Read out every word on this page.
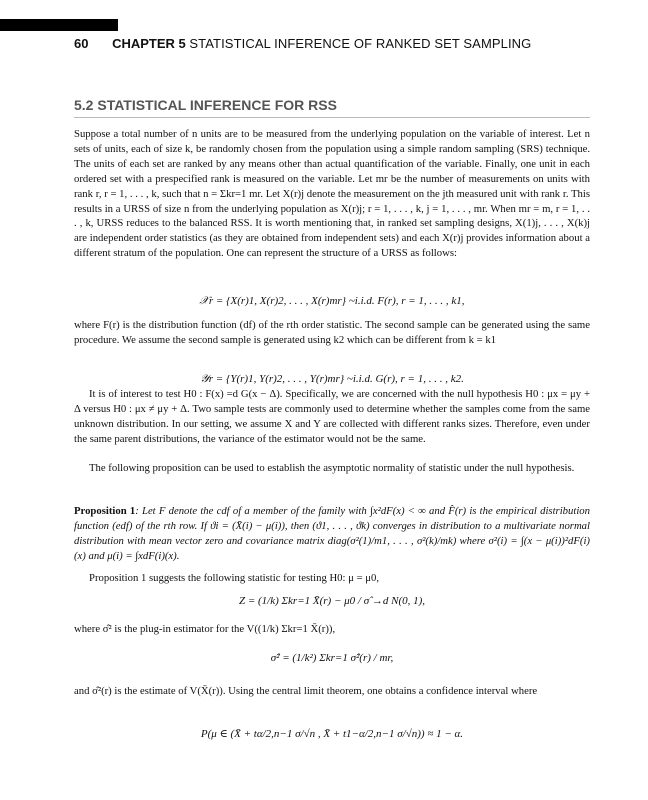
60 CHAPTER 5 STATISTICAL INFERENCE OF RANKED SET SAMPLING
5.2 STATISTICAL INFERENCE FOR RSS

Suppose a total number of n units are to be measured from the underlying population on the variable of interest. Let n sets of units, each of size k, be randomly chosen from the population using a simple random sampling (SRS) technique. The units of each set are ranked by any means other than actual quantification of the variable. Finally, one unit in each ordered set with a prespecified rank is measured on the variable. Let mr be the number of measurements on units with rank r, r = 1, . . . , k, such that n = Σkr=1 mr. Let X(r)j denote the measurement on the jth measured unit with rank r. This results in a URSS of size n from the underlying population as X(r)j; r = 1, . . . , k, j = 1, . . . , mr. When mr = m, r = 1, . . . , k, URSS reduces to the balanced RSS. It is worth mentioning that, in ranked set sampling designs, X(1)j, . . . , X(k)j are independent order statistics (as they are obtained from independent sets) and each X(r)j provides information about a different stratum of the population. One can represent the structure of a URSS as follows:

𝒳r = {X(r)1, X(r)2, . . . , X(r)mr} ~i.i.d. F(r), r = 1, . . . , k1,

where F(r) is the distribution function (df) of the rth order statistic. The second sample can be generated using the same procedure. We assume the second sample is generated using k2 which can be different from k = k1

𝒴r = {Y(r)1, Y(r)2, . . . , Y(r)mr} ~i.i.d. G(r), r = 1, . . . , k2.

It is of interest to test H0 : F(x) =d G(x − Δ). Specifically, we are concerned with the null hypothesis H0 : μx = μy + Δ versus H0 : μx ≠ μy + Δ. Two sample tests are commonly used to determine whether the samples come from the same unknown distribution. In our setting, we assume X and Y are collected with different ranks sizes. Therefore, even under the same parent distributions, the variance of the estimator would not be the same.

The following proposition can be used to establish the asymptotic normality of statistic under the null hypothesis.

Proposition 1: Let F denote the cdf of a member of the family with ∫x²dF(x) < ∞ and F̂(r) is the empirical distribution function (edf) of the rth row. If ϑi = (X̄(i) − μ(i)), then (ϑ1, . . . , ϑk) converges in distribution to a multivariate normal distribution with mean vector zero and covariance matrix diag(σ²(1)/m1, . . . , σ²(k)/mk) where σ²(i) = ∫(x − μ(i))²dF(i)(x) and μ(i) = ∫xdF(i)(x).

Proposition 1 suggests the following statistic for testing H0: μ = μ0,

Z = (1/k) Σkr=1 X̄(r) − μ0 / σ̂ →d N(0, 1),

where σ̂² is the plug-in estimator for the V((1/k) Σkr=1 X̄(r)),

σ̂² = (1/k²) Σkr=1 σ̂²(r) / mr,

and σ̂²(r) is the estimate of V(X̄(r)). Using the central limit theorem, one obtains a confidence interval where

P(μ ∈ (X̄ + tα/2,n−1 σ/√n , X̄ + t1−α/2,n−1 σ/√n)) ≈ 1 − α.
